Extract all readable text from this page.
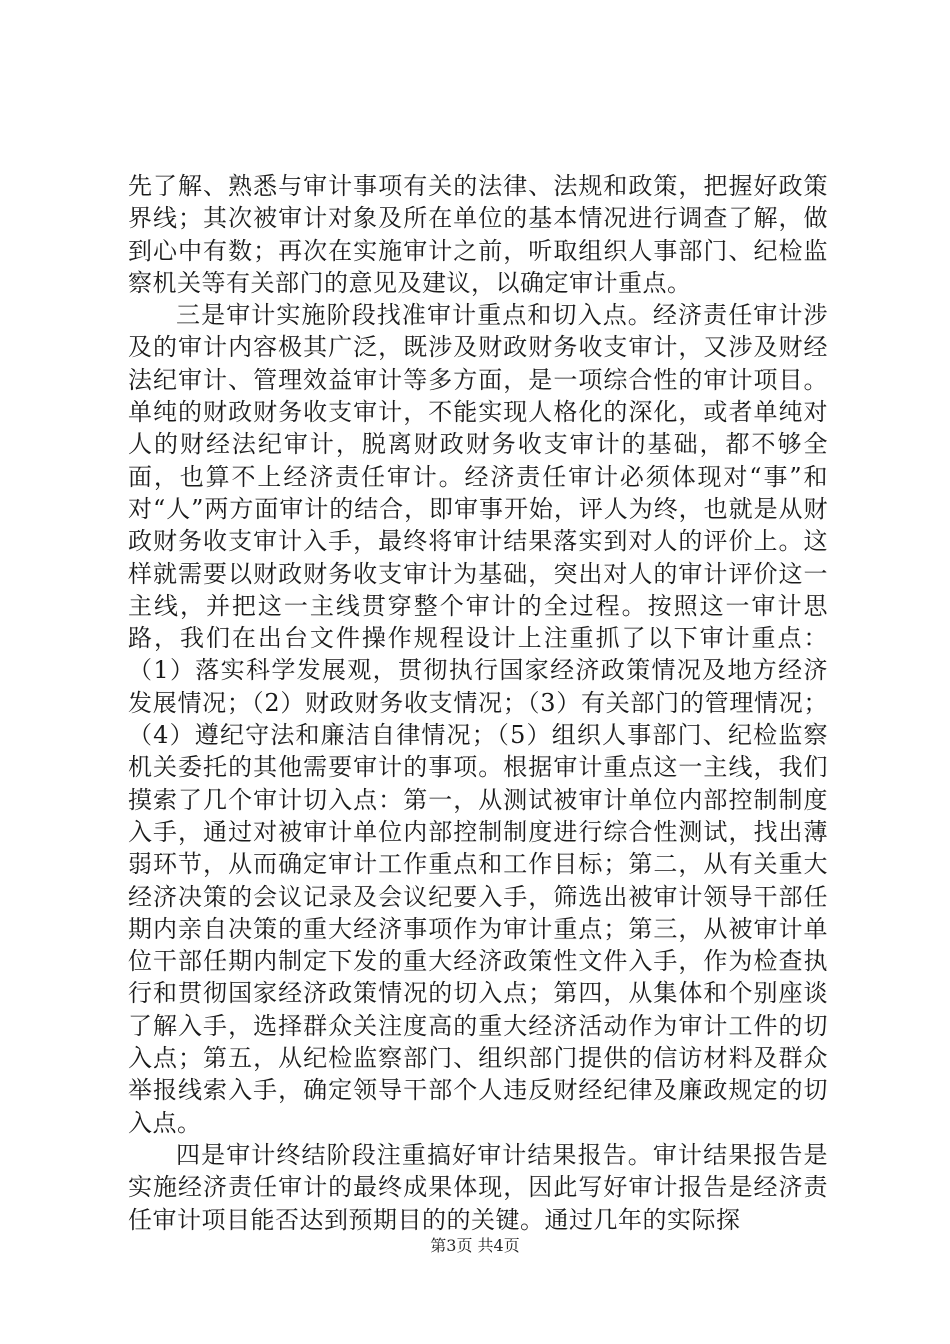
先了解、熟悉与审计事项有关的法律、法规和政策，把握好政策界线；其次被审计对象及所在单位的基本情况进行调查了解，做到心中有数；再次在实施审计之前，听取组织人事部门、纪检监察机关等有关部门的意见及建议，以确定审计重点。

三是审计实施阶段找准审计重点和切入点。经济责任审计涉及的审计内容极其广泛，既涉及财政财务收支审计，又涉及财经法纪审计、管理效益审计等多方面，是一项综合性的审计项目。单纯的财政财务收支审计，不能实现人格化的深化，或者单纯对人的财经法纪审计，脱离财政财务收支审计的基础，都不够全面，也算不上经济责任审计。经济责任审计必须体现对“事”和对“人”两方面审计的结合，即审事开始，评人为终，也就是从财政财务收支审计入手，最终将审计结果落实到对人的评价上。这样就需要以财政财务收支审计为基础，突出对人的审计评价这一主线，并把这一主线贯穿整个审计的全过程。按照这一审计思路，我们在出台文件操作规程设计上注重抓了以下审计重点：（1）落实科学发展观，贯彻执行国家经济政策情况及地方经济发展情况；（2）财政财务收支情况；（3）有关部门的管理情况；（4）遵纪守法和廉洁自律情况；（5）组织人事部门、纪检监察机关委托的其他需要审计的事项。根据审计重点这一主线，我们摸索了几个审计切入点：第一，从测试被审计单位内部控制制度入手，通过对被审计单位内部控制制度进行综合性测试，找出薄弱环节，从而确定审计工作重点和工作目标；第二，从有关重大经济决策的会议记录及会议纪要入手，筛选出被审计领导干部任期内亲自决策的重大经济事项作为审计重点；第三，从被审计单位干部任期内制定下发的重大经济政策性文件入手，作为检查执行和贯彻国家经济政策情况的切入点；第四，从集体和个别座谈了解入手，选择群众关注度高的重大经济活动作为审计工件的切入点；第五，从纪检监察部门、组织部门提供的信访材料及群众举报线索入手，确定领导干部个人违反财经纪律及廉政规定的切入点。

四是审计终结阶段注重搞好审计结果报告。审计结果报告是实施经济责任审计的最终成果体现，因此写好审计报告是经济责任审计项目能否达到预期目的的关键。通过几年的实际探

第3页 共4页
